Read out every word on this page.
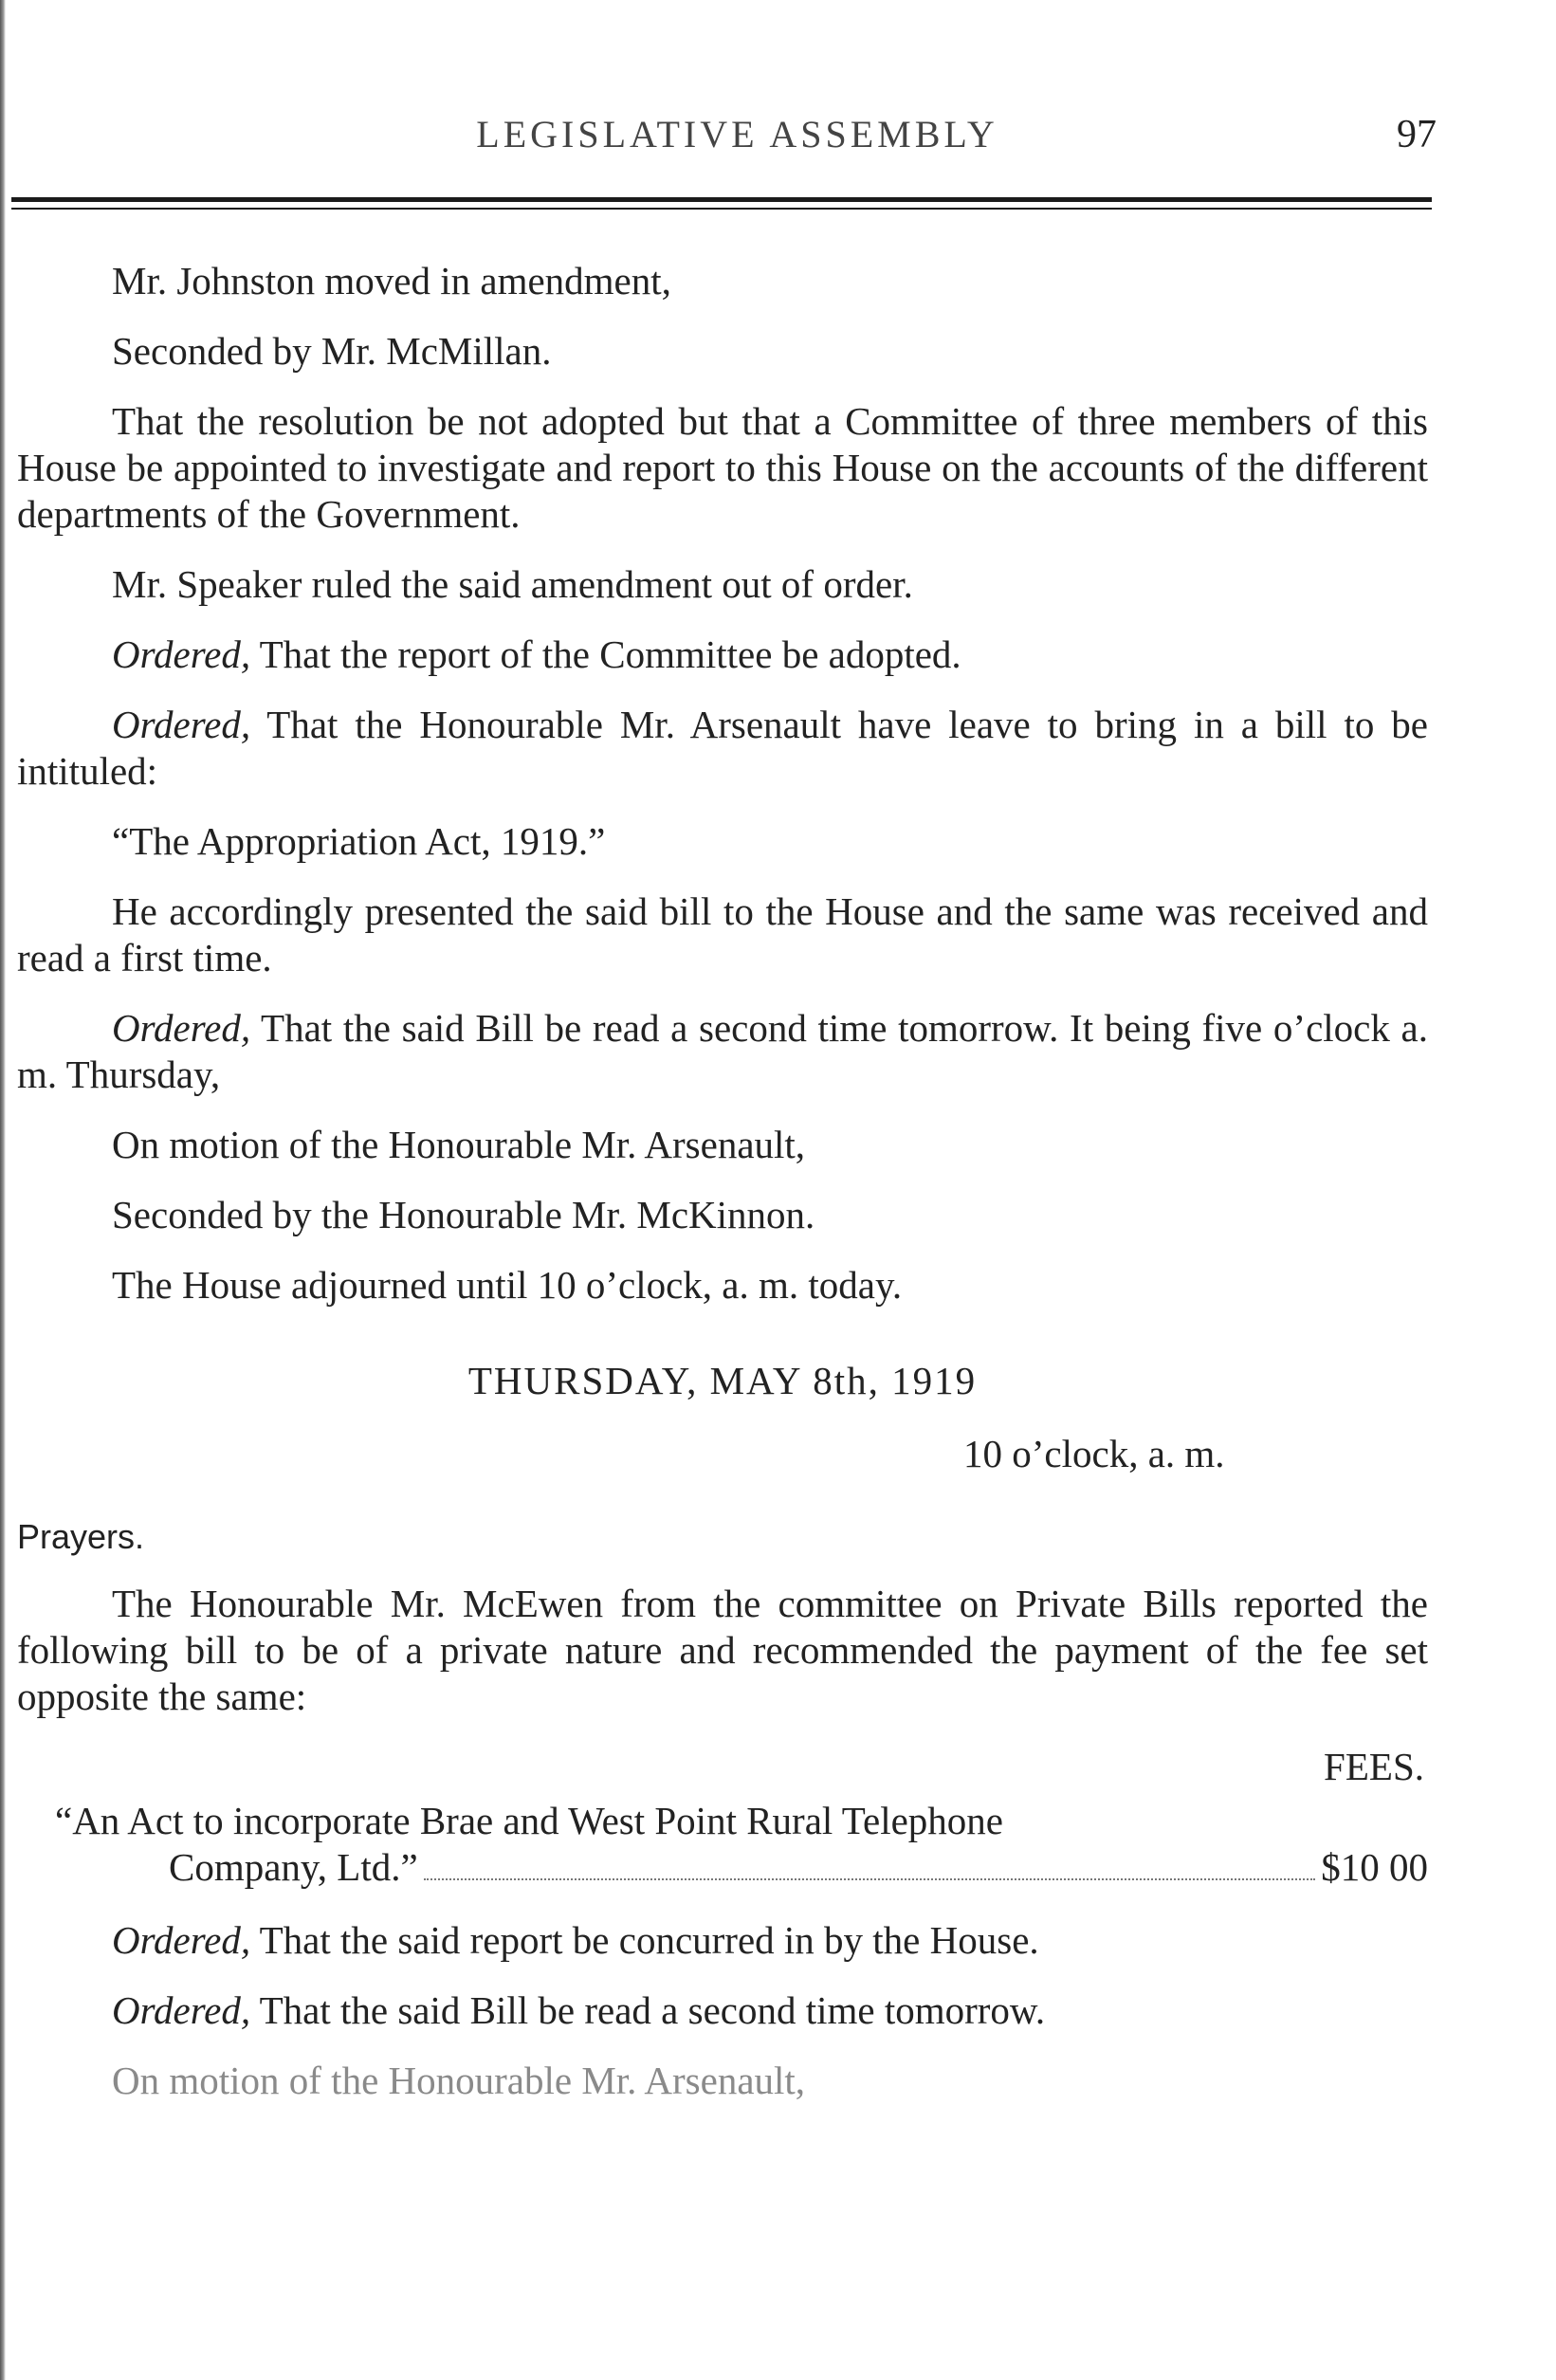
LEGISLATIVE ASSEMBLY	97

Mr. Johnston moved in amendment,

Seconded by Mr. McMillan.

That the resolution be not adopted but that a Committee of three members of this House be appointed to investigate and report to this House on the accounts of the different departments of the Government.

Mr. Speaker ruled the said amendment out of order.

Ordered, That the report of the Committee be adopted.

Ordered, That the Honourable Mr. Arsenault have leave to bring in a bill to be intituled:

“The Appropriation Act, 1919.”

He accordingly presented the said bill to the House and the same was received and read a first time.

Ordered, That the said Bill be read a second time tomorrow. It being five o’clock a. m. Thursday,

On motion of the Honourable Mr. Arsenault,

Seconded by the Honourable Mr. McKinnon.

The House adjourned until 10 o’clock, a. m. today.

THURSDAY, MAY 8th, 1919

10 o’clock, a. m.

Prayers.

The Honourable Mr. McEwen from the committee on Private Bills reported the following bill to be of a private nature and recommended the payment of the fee set opposite the same:

FEES.

“An Act to incorporate Brae and West Point Rural Telephone

Company, Ltd.”	$10 00

Ordered, That the said report be concurred in by the House.

Ordered, That the said Bill be read a second time tomorrow.

On motion of the Honourable Mr. Arsenault,
